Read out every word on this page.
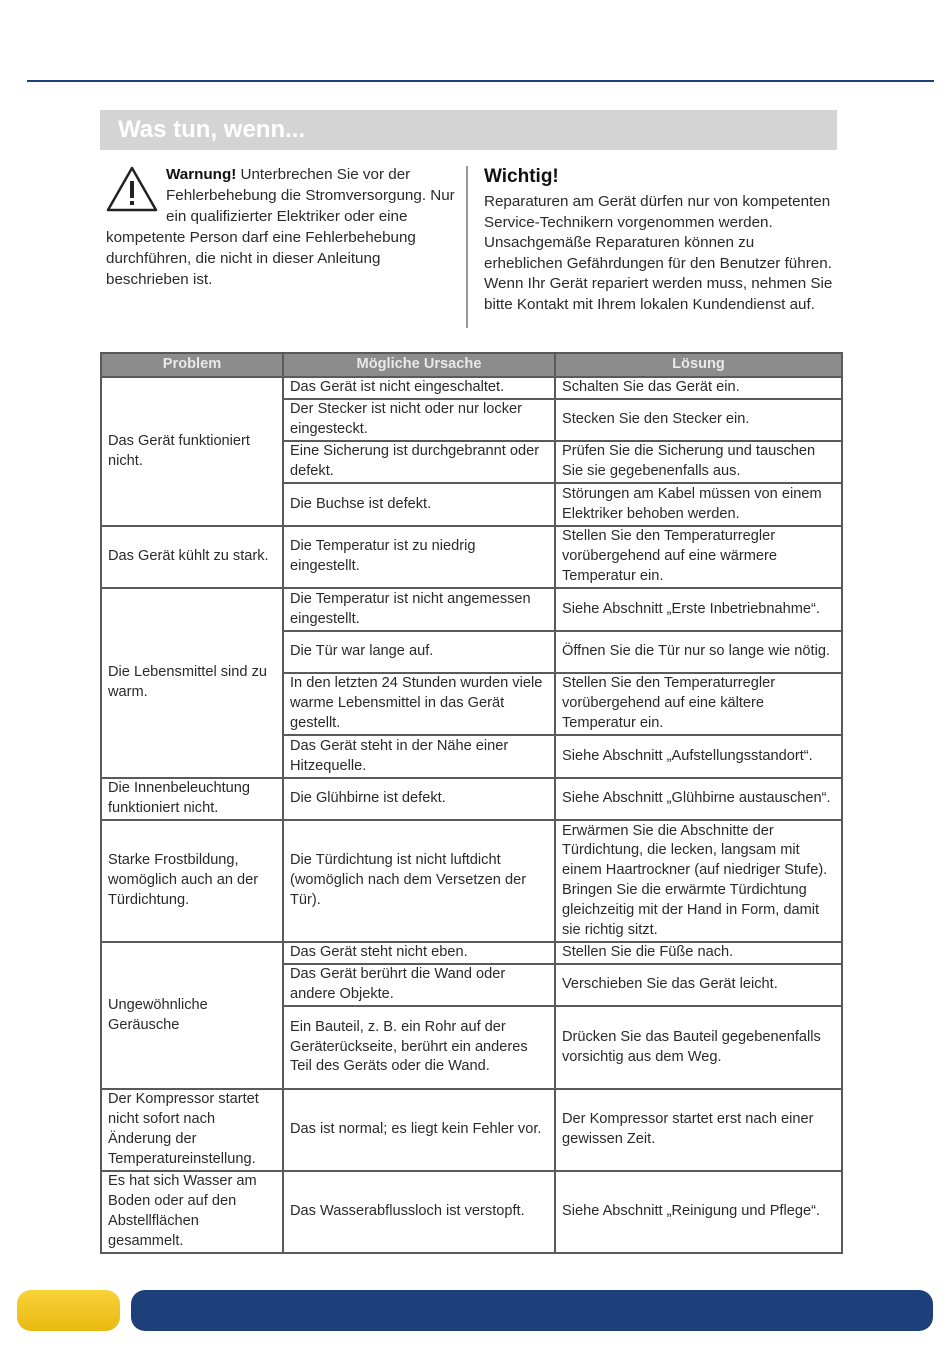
Was tun, wenn...
Warnung! Unterbrechen Sie vor der Fehlerbehebung die Stromversorgung. Nur ein qualifizierter Elektriker oder eine kompetente Person darf eine Fehlerbehebung durchführen, die nicht in dieser Anleitung beschrieben ist.
Wichtig!
Reparaturen am Gerät dürfen nur von kompetenten Service-Technikern vorgenommen werden. Unsachgemäße Reparaturen können zu erheblichen Gefährdungen für den Benutzer führen. Wenn Ihr Gerät repariert werden muss, nehmen Sie bitte Kontakt mit Ihrem lokalen Kundendienst auf.
Problem	Mögliche Ursache	Lösung
Das Gerät funktioniert nicht.	Das Gerät ist nicht eingeschaltet.	Schalten Sie das Gerät ein.
	Der Stecker ist nicht oder nur locker eingesteckt.	Stecken Sie den Stecker ein.
	Eine Sicherung ist durchgebrannt oder defekt.	Prüfen Sie die Sicherung und tauschen Sie sie gegebenenfalls aus.
	Die Buchse ist defekt.	Störungen am Kabel müssen von einem Elektriker behoben werden.
Das Gerät kühlt zu stark.	Die Temperatur ist zu niedrig eingestellt.	Stellen Sie den Temperaturregler vorübergehend auf eine wärmere Temperatur ein.
Die Lebensmittel sind zu warm.	Die Temperatur ist nicht angemessen eingestellt.	Siehe Abschnitt „Erste Inbetriebnahme“.
	Die Tür war lange auf.	Öffnen Sie die Tür nur so lange wie nötig.
	In den letzten 24 Stunden wurden viele warme Lebensmittel in das Gerät gestellt.	Stellen Sie den Temperaturregler vorübergehend auf eine kältere Temperatur ein.
	Das Gerät steht in der Nähe einer Hitzequelle.	Siehe Abschnitt „Aufstellungsstandort“.
Die Innenbeleuchtung funktioniert nicht.	Die Glühbirne ist defekt.	Siehe Abschnitt „Glühbirne austauschen“.
Starke Frostbildung, womöglich auch an der Türdichtung.	Die Türdichtung ist nicht luftdicht (womöglich nach dem Versetzen der Tür).	Erwärmen Sie die Abschnitte der Türdichtung, die lecken, langsam mit einem Haartrockner (auf niedriger Stufe). Bringen Sie die erwärmte Türdichtung gleichzeitig mit der Hand in Form, damit sie richtig sitzt.
Ungewöhnliche Geräusche	Das Gerät steht nicht eben.	Stellen Sie die Füße nach.
	Das Gerät berührt die Wand oder andere Objekte.	Verschieben Sie das Gerät leicht.
	Ein Bauteil, z. B. ein Rohr auf der Geräterückseite, berührt ein anderes Teil des Geräts oder die Wand.	Drücken Sie das Bauteil gegebenenfalls vorsichtig aus dem Weg.
Der Kompressor startet nicht sofort nach Änderung der Temperatureinstellung.	Das ist normal; es liegt kein Fehler vor.	Der Kompressor startet erst nach einer gewissen Zeit.
Es hat sich Wasser am Boden oder auf den Abstellflächen gesammelt.	Das Wasserabflussloch ist verstopft.	Siehe Abschnitt „Reinigung und Pflege“.
